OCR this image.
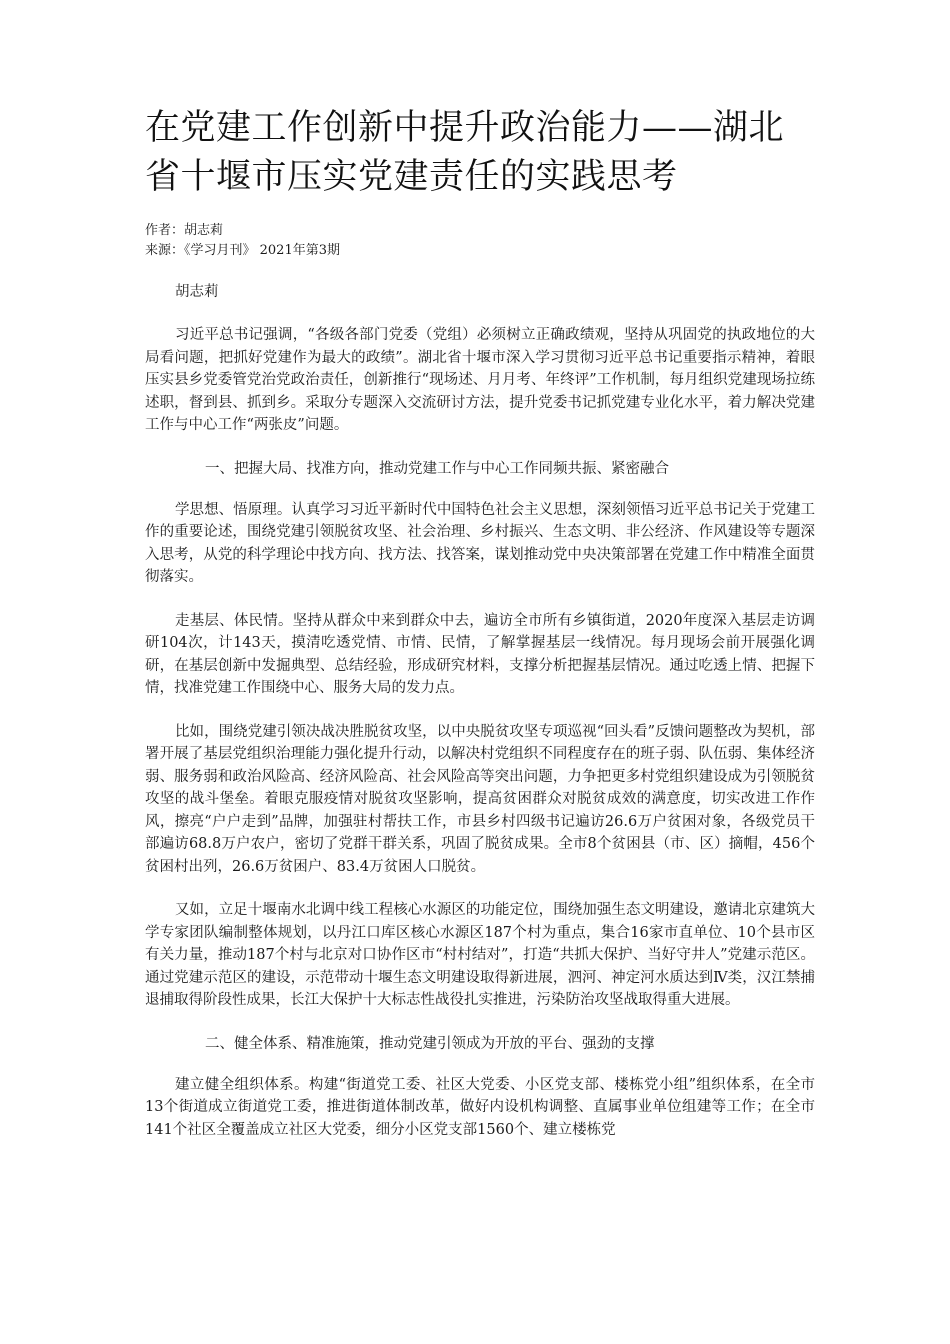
在党建工作创新中提升政治能力——湖北省十堰市压实党建责任的实践思考
作者：胡志莉
来源：《学习月刊》 2021年第3期
胡志莉

习近平总书记强调，“各级各部门党委（党组）必须树立正确政绩观，坚持从巩固党的执政地位的大局看问题，把抓好党建作为最大的政绩”。湖北省十堰市深入学习贯彻习近平总书记重要指示精神，着眼压实县乡党委管党治党政治责任，创新推行“现场述、月月考、年终评”工作机制，每月组织党建现场拉练述职，督到县、抓到乡。采取分专题深入交流研讨方法，提升党委书记抓党建专业化水平，着力解决党建工作与中心工作“两张皮”问题。

一、把握大局、找准方向，推动党建工作与中心工作同频共振、紧密融合

学思想、悟原理。认真学习习近平新时代中国特色社会主义思想，深刻领悟习近平总书记关于党建工作的重要论述，围绕党建引领脱贫攻坚、社会治理、乡村振兴、生态文明、非公经济、作风建设等专题深入思考，从党的科学理论中找方向、找方法、找答案，谋划推动党中央决策部署在党建工作中精准全面贯彻落实。

走基层、体民情。坚持从群众中来到群众中去，遍访全市所有乡镇街道，2020年度深入基层走访调研104次，计143天，摸清吃透党情、市情、民情，了解掌握基层一线情况。每月现场会前开展强化调研，在基层创新中发掘典型、总结经验，形成研究材料，支撑分析把握基层情况。通过吃透上情、把握下情，找准党建工作围绕中心、服务大局的发力点。

比如，围绕党建引领决战决胜脱贫攻坚，以中央脱贫攻坚专项巡视“回头看”反馈问题整改为契机，部署开展了基层党组织治理能力强化提升行动，以解决村党组织不同程度存在的班子弱、队伍弱、集体经济弱、服务弱和政治风险高、经济风险高、社会风险高等突出问题，力争把更多村党组织建设成为引领脱贫攻坚的战斗堡垒。着眼克服疫情对脱贫攻坚影响，提高贫困群众对脱贫成效的满意度，切实改进工作作风，擦亮“户户走到”品牌，加强驻村帮扶工作，市县乡村四级书记遍访26.6万户贫困对象，各级党员干部遍访68.8万户农户，密切了党群干群关系，巩固了脱贫成果。全市8个贫困县（市、区）摘帽，456个贫困村出列，26.6万贫困户、83.4万贫困人口脱贫。

又如，立足十堰南水北调中线工程核心水源区的功能定位，围绕加强生态文明建设，邀请北京建筑大学专家团队编制整体规划，以丹江口库区核心水源区187个村为重点，集合16家市直单位、10个县市区有关力量，推动187个村与北京对口协作区市“村村结对”，打造“共抓大保护、当好守井人”党建示范区。通过党建示范区的建设，示范带动十堰生态文明建设取得新进展，泗河、神定河水质达到Ⅳ类，汉江禁捕退捕取得阶段性成果，长江大保护十大标志性战役扎实推进，污染防治攻坚战取得重大进展。

二、健全体系、精准施策，推动党建引领成为开放的平台、强劲的支撑

建立健全组织体系。构建“街道党工委、社区大党委、小区党支部、楼栋党小组”组织体系，在全市13个街道成立街道党工委，推进街道体制改革，做好内设机构调整、直属事业单位组建等工作；在全市141个社区全覆盖成立社区大党委，细分小区党支部1560个、建立楼栋党
